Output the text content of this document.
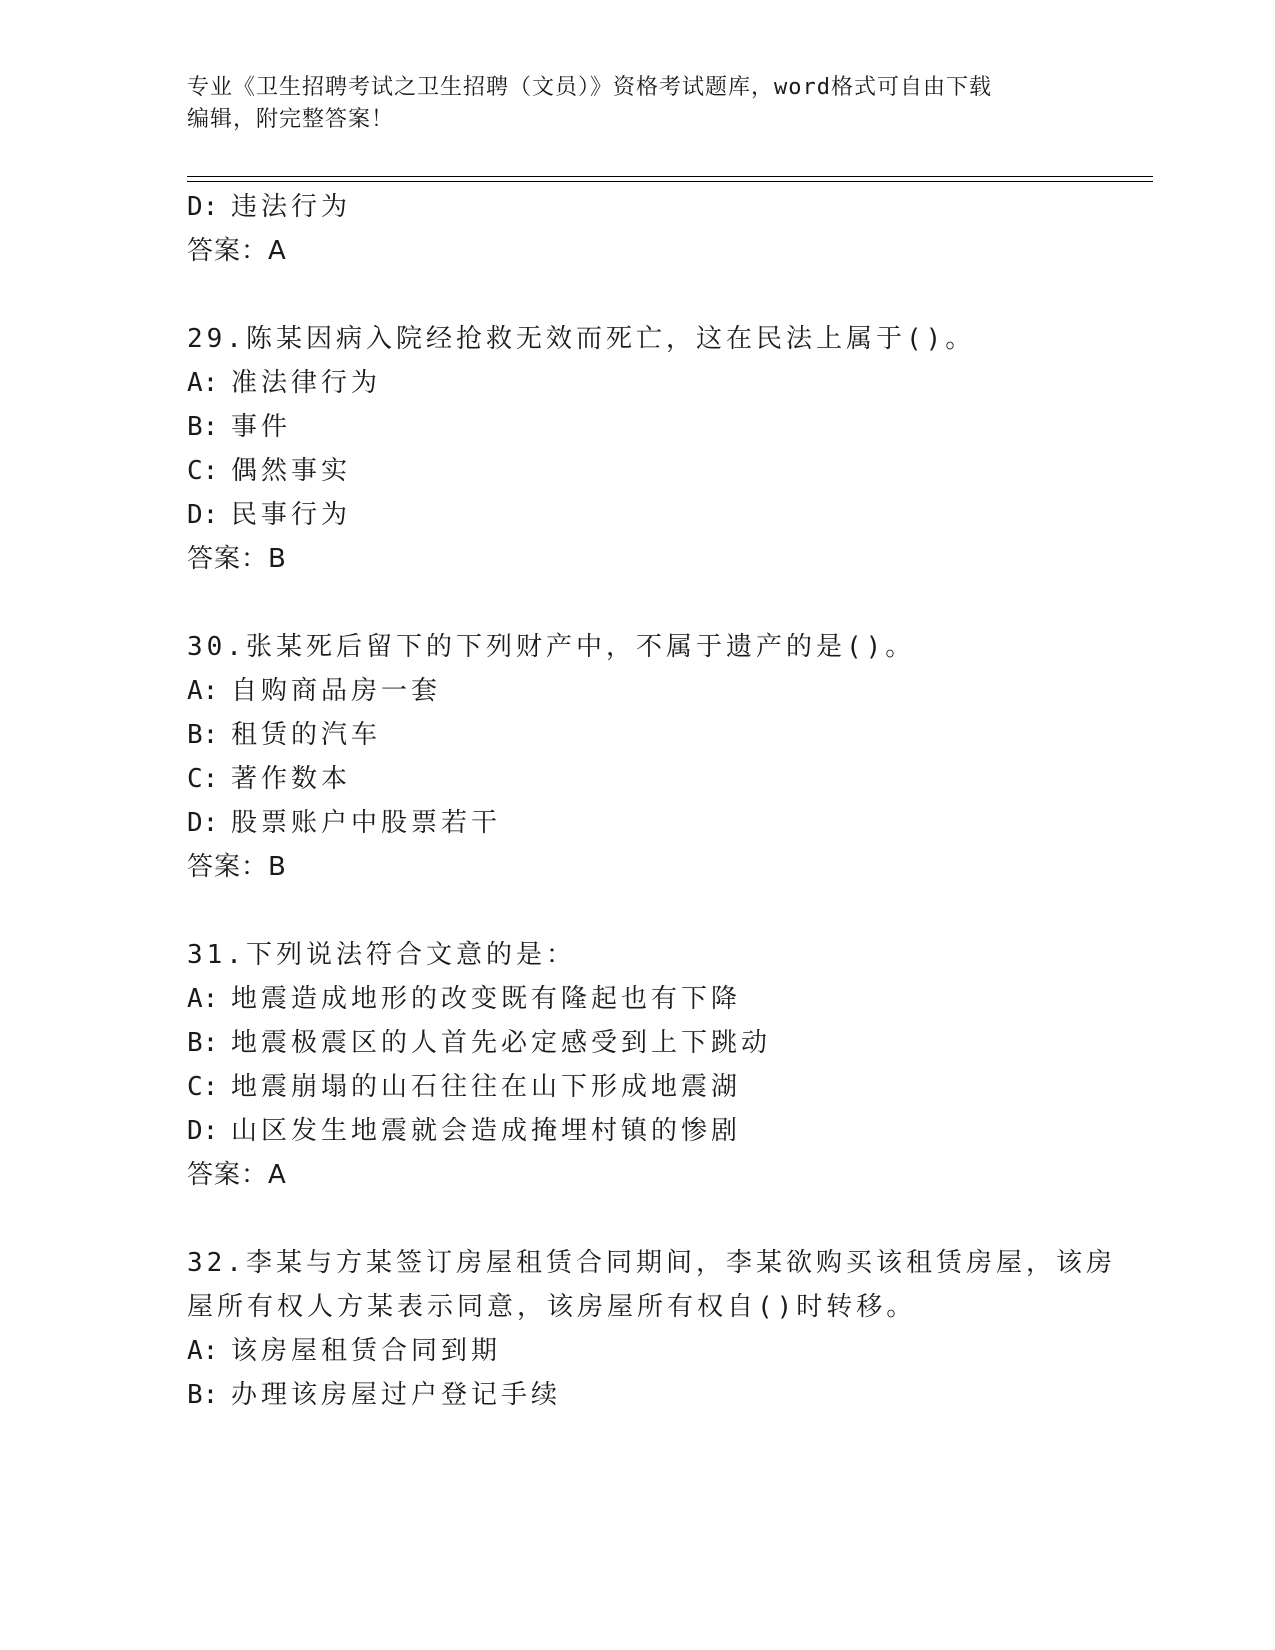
专业《卫生招聘考试之卫生招聘（文员）》资格考试题库，word格式可自由下载
编辑，附完整答案！
D: 违法行为
答案：A
29.陈某因病入院经抢救无效而死亡，这在民法上属于()。
A: 准法律行为
B: 事件
C: 偶然事实
D: 民事行为
答案：B
30.张某死后留下的下列财产中，不属于遗产的是()。
A: 自购商品房一套
B: 租赁的汽车
C: 著作数本
D: 股票账户中股票若干
答案：B
31.下列说法符合文意的是：
A: 地震造成地形的改变既有隆起也有下降
B: 地震极震区的人首先必定感受到上下跳动
C: 地震崩塌的山石往往在山下形成地震湖
D: 山区发生地震就会造成掩埋村镇的惨剧
答案：A
32.李某与方某签订房屋租赁合同期间，李某欲购买该租赁房屋，该房
屋所有权人方某表示同意，该房屋所有权自()时转移。
A: 该房屋租赁合同到期
B: 办理该房屋过户登记手续
